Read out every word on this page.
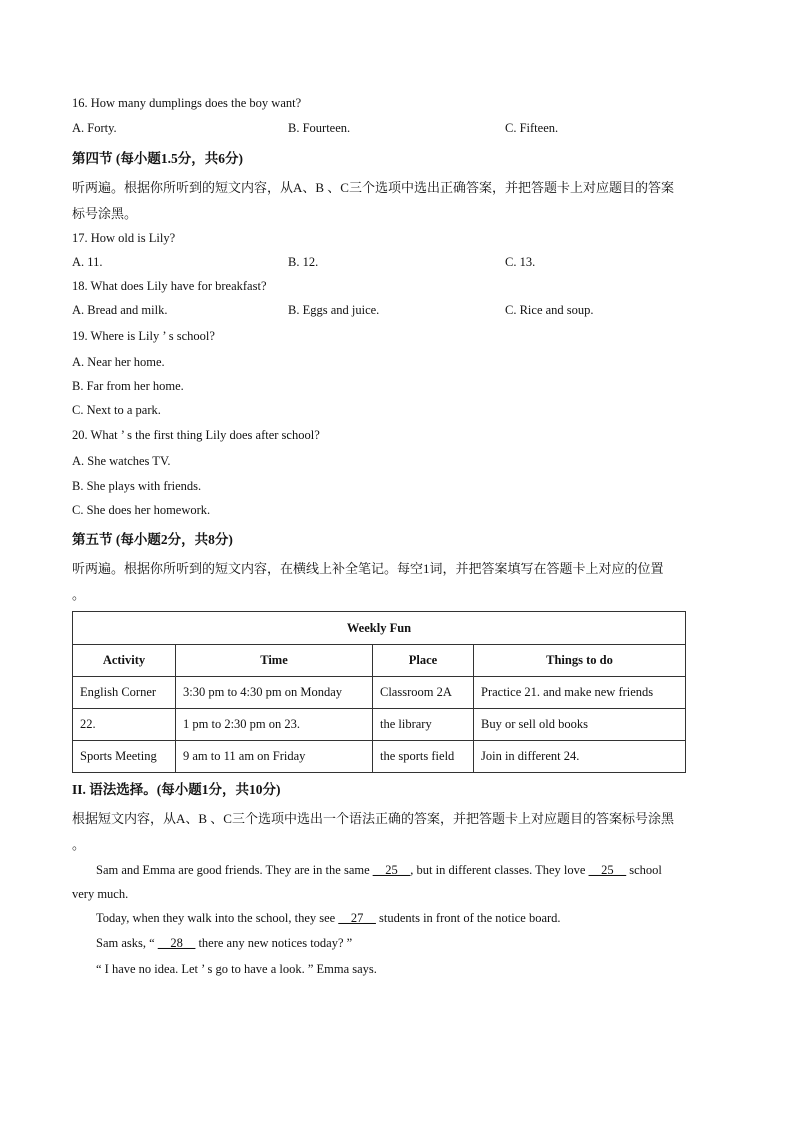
16. How many dumplings does the boy want?
A. Forty.	B. Fourteen.	C. Fifteen.
第四节 (每小题1.5分，共6分)
听两遍。根据你所听到的短文内容，从A、B 、C三个选项中选出正确答案，并把答题卡上对应题目的答案
标号涂黑。
17. How old is Lily?
A. 11.	B. 12.	C. 13.
18. What does Lily have for breakfast?
A. Bread and milk.	B. Eggs and juice.	C. Rice and soup.
19. Where is Lily ’ s school?
A. Near her home.
B. Far from her home.
C. Next to a park.
20. What ’ s the first thing Lily does after school?
A. She watches TV.
B. She plays with friends.
C. She does her homework.
第五节 (每小题2分，共8分)
听两遍。根据你所听到的短文内容，在横线上补全笔记。每空1词，并把答案填写在答题卡上对应的位置
。
Weekly Fun			
Activity	Time	Place	Things to do
English Corner	3:30 pm to 4:30 pm on Monday	Classroom 2A	Practice 21. and make new friends
22.	1 pm to 2:30 pm on 23.	the library	Buy or sell old books
Sports Meeting	9 am to 11 am on Friday	the sports field	Join in different 24.
II. 语法选择。(每小题1分，共10分)
根据短文内容，从A、B 、C三个选项中选出一个语法正确的答案，并把答题卡上对应题目的答案标号涂黑
。
Sam and Emma are good friends. They are in the same __25__, but in different classes. They love __25__ school
very much.
Today, when they walk into the school, they see __27__ students in front of the notice board.
Sam asks, “ __28__ there any new notices today? ”
“ I have no idea. Let ’ s go to have a look. ” Emma says.
